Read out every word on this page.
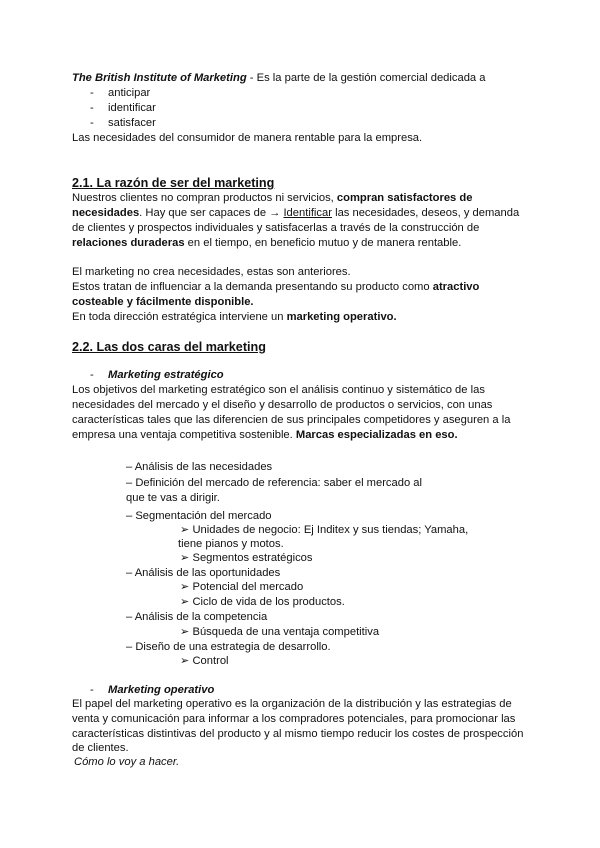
The British Institute of Marketing - Es la parte de la gestión comercial dedicada a
- anticipar
- identificar
- satisfacer
Las necesidades del consumidor de manera rentable para la empresa.
2.1. La razón de ser del marketing
Nuestros clientes no compran productos ni servicios, compran satisfactores de
necesidades. Hay que ser capaces de → Identificar las necesidades, deseos, y demanda
de clientes y prospectos individuales y satisfacerlas a través de la construcción de
relaciones duraderas en el tiempo, en beneficio mutuo y de manera rentable.
El marketing no crea necesidades, estas son anteriores.
Estos tratan de influenciar a la demanda presentando su producto como atractivo
costeable y fácilmente disponible.
En toda dirección estratégica interviene un marketing operativo.
2.2. Las dos caras del marketing
- Marketing estratégico
Los objetivos del marketing estratégico son el análisis continuo y sistemático de las
necesidades del mercado y el diseño y desarrollo de productos o servicios, con unas
características tales que las diferencien de sus principales competidores y aseguren a la
empresa una ventaja competitiva sostenible. Marcas especializadas en eso.
– Análisis de las necesidades
– Definición del mercado de referencia: saber el mercado al
que te vas a dirigir.
– Segmentación del mercado
➢ Unidades de negocio: Ej Inditex y sus tiendas; Yamaha,
tiene pianos y motos.
➢ Segmentos estratégicos
– Análisis de las oportunidades
➢ Potencial del mercado
➢ Ciclo de vida de los productos.
– Análisis de la competencia
➢ Búsqueda de una ventaja competitiva
– Diseño de una estrategia de desarrollo.
➢ Control
- Marketing operativo
El papel del marketing operativo es la organización de la distribución y las estrategias de
venta y comunicación para informar a los compradores potenciales, para promocionar las
características distintivas del producto y al mismo tiempo reducir los costes de prospección
de clientes.
Cómo lo voy a hacer.
